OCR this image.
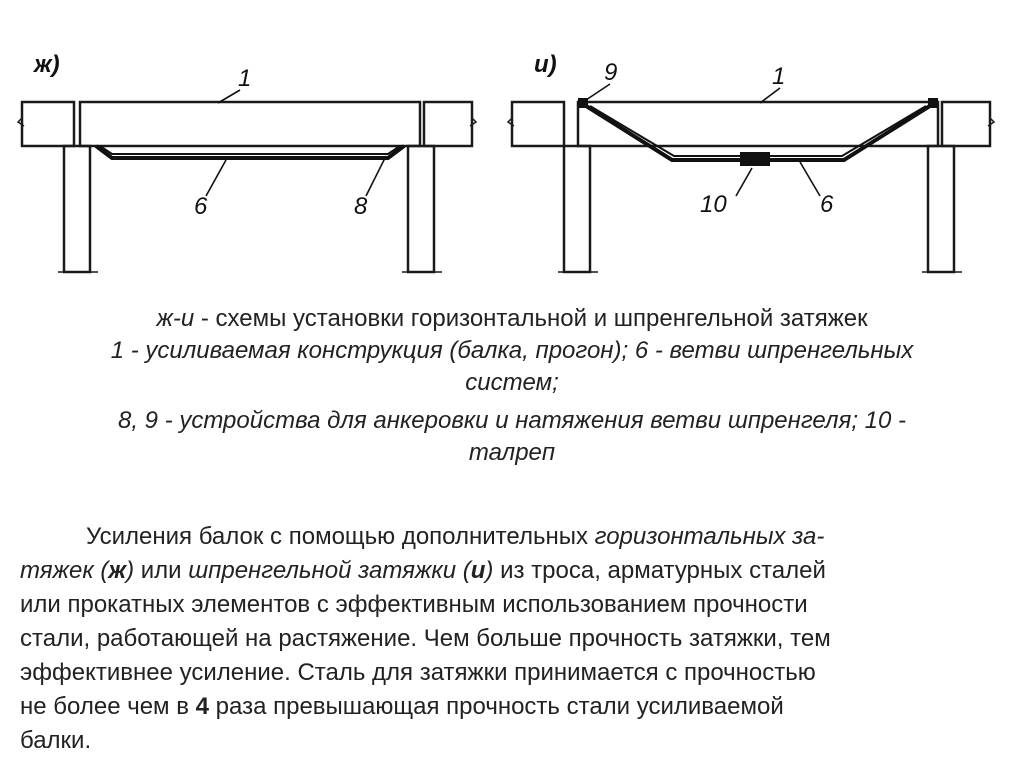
ж)
1
6	8
и) 9	1
10	6
ж-и - схемы установки горизонтальной и шпренгельной затяжек
1 - усиливаемая конструкция (балка, прогон); 6 - ветви шпренгельных
систем;
8, 9 - устройства для анкеровки и натяжения ветви шпренгеля; 10 -
талреп
Усиления балок с помощью дополнительных горизонтальных за-
тяжек (ж) или шпренгельной затяжки (и) из троса, арматурных сталей
или прокатных элементов с эффективным использованием прочности
стали, работающей на растяжение. Чем больше прочность затяжки, тем
эффективнее усиление. Сталь для затяжки принимается с прочностью
не более чем в 4 раза превышающая прочность стали усиливаемой
балки.
